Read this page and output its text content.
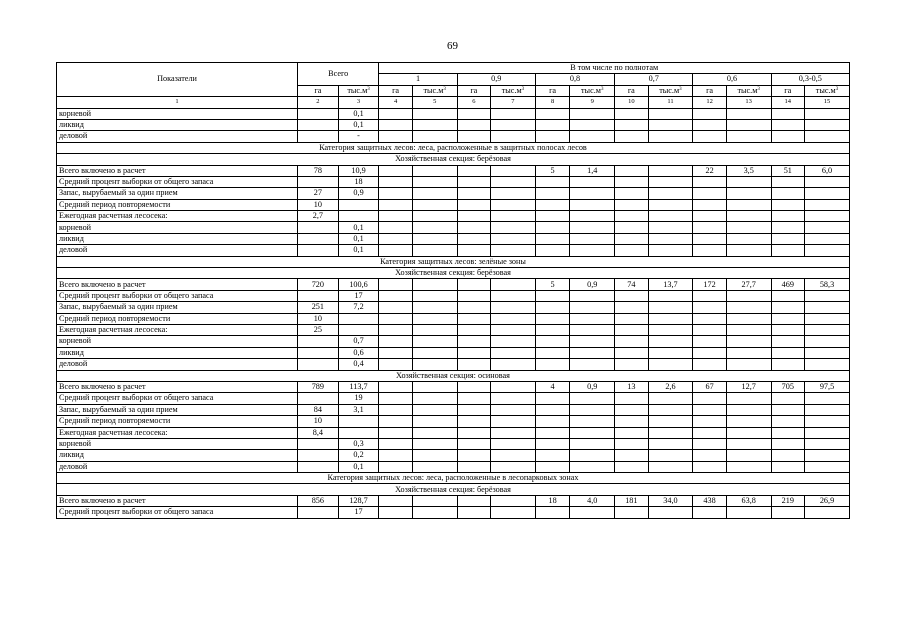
69
Показатели	Всего		В том числе по полнотам											
			1		0,9		0,8		0,7		0,6		0,3-0,5	
	га	$тыс.м^3$	га	$тыс.м^3$	га	$тыс.м^3$	га	$тыс.м^3$	га	$тыс.м^3$	га	$тыс.м^3$	га	$тыс.м^3$
1	2	3	4	5	6	7	8	9	10	11	12	13	14	15
корневой		0,1												
ликвид		0,1												
деловой		-												
Категория защитных лесов: леса, расположенные в защитных полосах лесов														
Хозяйственная секция: берёзовая														
Всего включено в расчет	78	10,9					5	1,4			22	3,5	51	6,0
Средний процент выборки от общего запаса		18												
Запас, вырубаемый за один прием	27	0,9												
Средний период повторяемости	10													
Ежегодная расчетная лесосека:	2,7													
корневой		0,1												
ликвид		0,1												
деловой		0,1												
Категория защитных лесов: зелёные зоны														
Хозяйственная секция: берёзовая														
Всего включено в расчет	720	100,6					5	0,9	74	13,7	172	27,7	469	58,3
Средний процент выборки от общего запаса		17												
Запас, вырубаемый за один прием	251	7,2												
Средний период повторяемости	10													
Ежегодная расчетная лесосека:	25													
корневой		0,7												
ликвид		0,6												
деловой		0,4												
Хозяйственная секция: осиновая														
Всего включено в расчет	789	113,7					4	0,9	13	2,6	67	12,7	705	97,5
Средний процент выборки от общего запаса		19												
Запас, вырубаемый за один прием	84	3,1												
Средний период повторяемости	10													
Ежегодная расчетная лесосека:	8,4													
корневой		0,3												
ликвид		0,2												
деловой		0,1												
Категория защитных лесов: леса, расположенные в лесопарковых зонах														
Хозяйственная секция: берёзовая														
Всего включено в расчет	856	128,7					18	4,0	181	34,0	438	63,8	219	26,9
Средний процент выборки от общего запаса		17												
